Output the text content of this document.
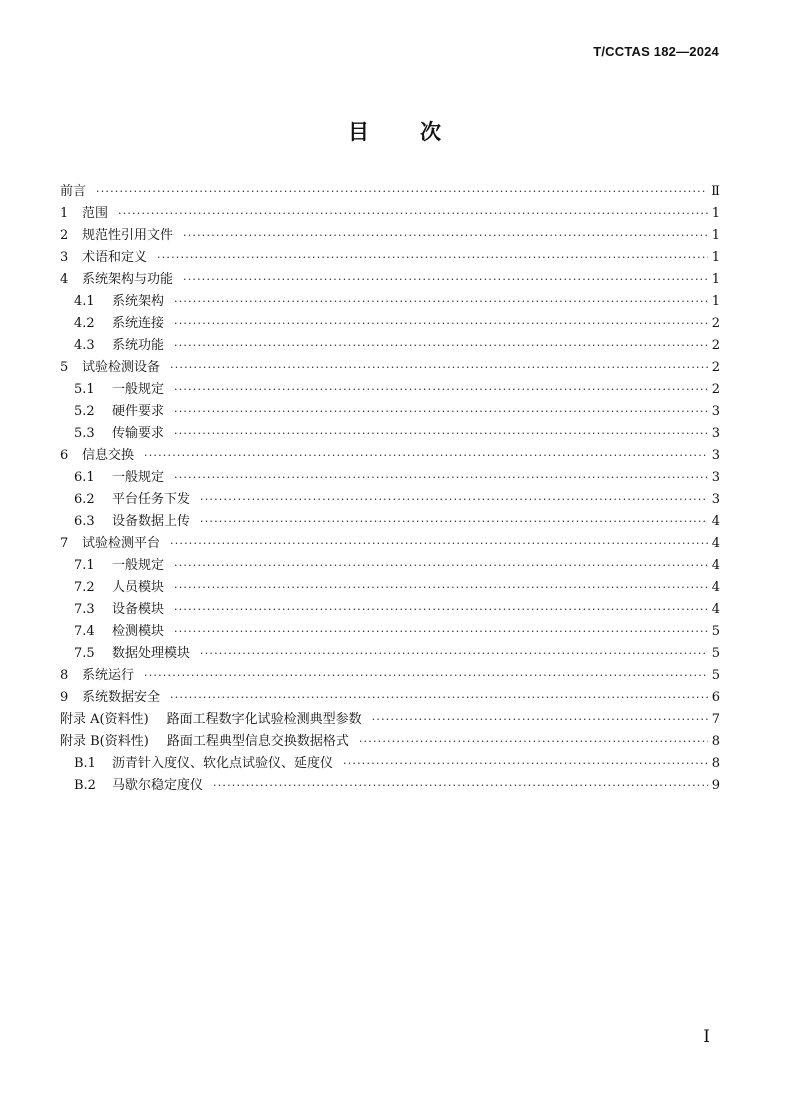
T/CCTAS 182—2024
目 次
前言 ·····	Ⅱ
1	范围 ·····	1
2	规范性引用文件 ·····	1
3	术语和定义 ·····	1
4	系统架构与功能 ·····	1
4.1	系统架构 ·····	1
4.2	系统连接 ·····	2
4.3	系统功能 ·····	2
5	试验检测设备 ·····	2
5.1	一般规定 ·····	2
5.2	硬件要求 ·····	3
5.3	传输要求 ·····	3
6	信息交换 ·····	3
6.1	一般规定 ·····	3
6.2	平台任务下发 ·····	3
6.3	设备数据上传 ·····	4
7	试验检测平台 ·····	4
7.1	一般规定 ·····	4
7.2	人员模块 ·····	4
7.3	设备模块 ·····	4
7.4	检测模块 ·····	5
7.5	数据处理模块 ·····	5
8	系统运行 ·····	5
9	系统数据安全 ·····	6
附录 A(资料性) 路面工程数字化试验检测典型参数 ·····	7
附录 B(资料性) 路面工程典型信息交换数据格式 ·····	8
B.1	沥青针入度仪、软化点试验仪、延度仪 ·····	8
B.2	马歇尔稳定度仪 ·····	9
I
